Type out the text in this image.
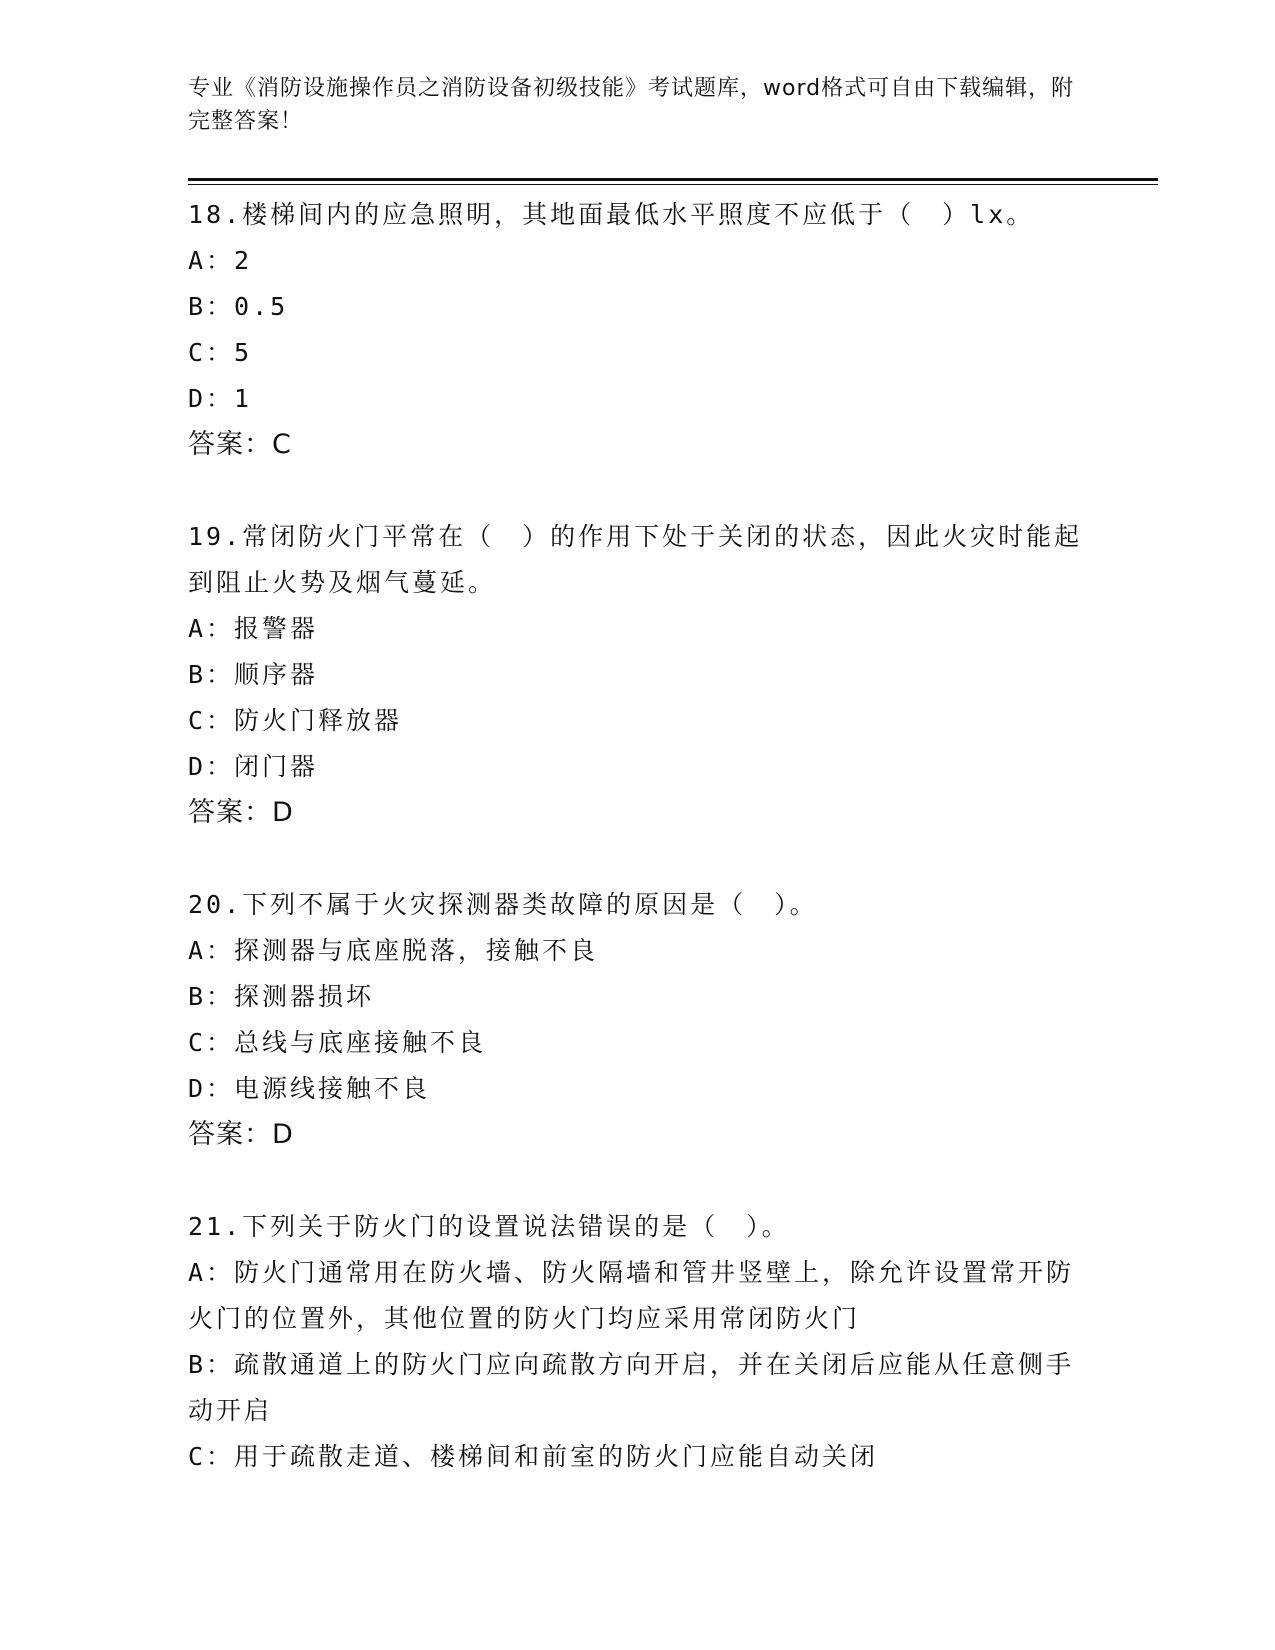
专业《消防设施操作员之消防设备初级技能》考试题库，word格式可自由下载编辑，附完整答案！

18.楼梯间内的应急照明，其地面最低水平照度不应低于（　）lx。

A：2

B：0.5

C：5

D：1

答案：C

19.常闭防火门平常在（　）的作用下处于关闭的状态，因此火灾时能起到阻止火势及烟气蔓延。

A：报警器

B：顺序器

C：防火门释放器

D：闭门器

答案：D

20.下列不属于火灾探测器类故障的原因是（　）。

A：探测器与底座脱落，接触不良

B：探测器损坏

C：总线与底座接触不良

D：电源线接触不良

答案：D

21.下列关于防火门的设置说法错误的是（　）。

A：防火门通常用在防火墙、防火隔墙和管井竖壁上，除允许设置常开防火门的位置外，其他位置的防火门均应采用常闭防火门

B：疏散通道上的防火门应向疏散方向开启，并在关闭后应能从任意侧手动开启

C：用于疏散走道、楼梯间和前室的防火门应能自动关闭
